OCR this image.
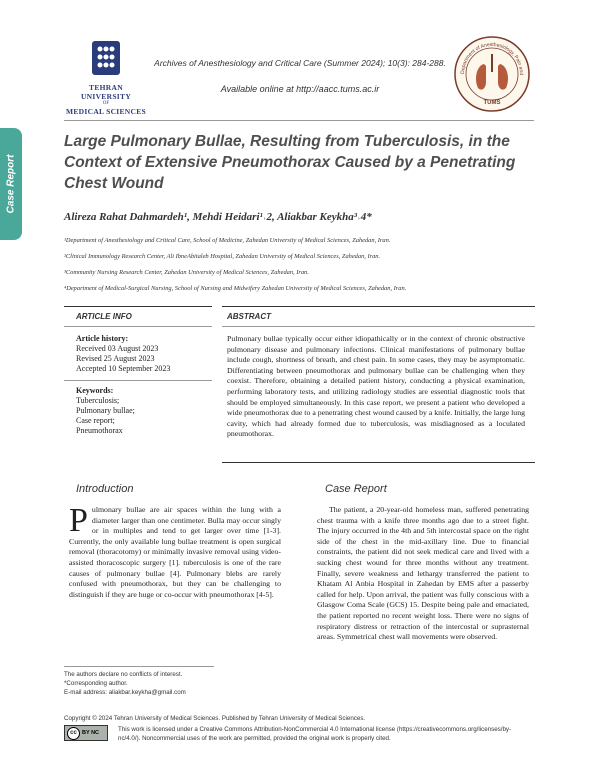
Case Report
TEHRAN UNIVERSITY
OF
MEDICAL SCIENCES
Archives of Anesthesiology and Critical Care (Summer 2024); 10(3): 284-288.
Available online at http://aacc.tums.ac.ir
Department of Anesthesiology, Pain and
TUMS
Large Pulmonary Bullae, Resulting from Tuberculosis, in the Context of Extensive Pneumothorax Caused by a Penetrating Chest Wound
Alireza Rahat Dahmardeh¹, Mehdi Heidari¹˒2, Aliakbar Keykha³˒4*
¹Department of Anesthesiology and Critical Care, School of Medicine, Zahedan University of Medical Sciences, Zahedan, Iran.
²Clinical Immunology Research Center, Ali IbneAbitaleb Hospital, Zahedan University of Medical Sciences, Zahedan, Iran.
³Community Nursing Research Center, Zahedan University of Medical Sciences, Zahedan, Iran.
⁴Department of Medical-Surgical Nursing, School of Nursing and Midwifery Zahedan University of Medical Sciences, Zahedan, Iran.
ARTICLE INFO	ABSTRACT
Article history:
Received 03 August 2023
Revised 25 August 2023
Accepted 10 September 2023
Keywords:
Tuberculosis;
Pulmonary bullae;
Case report;
Pneumothorax
Pulmonary bullae typically occur either idiopathically or in the context of chronic obstructive pulmonary disease and pulmonary infections. Clinical manifestations of pulmonary bullae include cough, shortness of breath, and chest pain. In some cases, they may be asymptomatic. Differentiating between pneumothorax and pulmonary bullae can be challenging when they coexist. Therefore, obtaining a detailed patient history, conducting a physical examination, performing laboratory tests, and utilizing radiology studies are essential diagnostic tools that should be employed simultaneously. In this case report, we present a patient who developed a wide pneumothorax due to a penetrating chest wound caused by a knife. Initially, the large lung cavity, which had already formed due to tuberculosis, was misdiagnosed as a loculated pneumothorax.
Introduction
Pulmonary bullae are air spaces within the lung with a diameter larger than one centimeter. Bulla may occur singly or in multiples and tend to get larger over time [1-3]. Currently, the only available lung bullae treatment is open surgical removal (thoracotomy) or minimally invasive removal using video-assisted thoracoscopic surgery [1]. tuberculosis is one of the rare causes of pulmonary bullae [4]. Pulmonary blebs are rarely confused with pneumothorax, but they can be challenging to distinguish if they are huge or co-occur with pneumothorax [4-5].
Case Report
The patient, a 20-year-old homeless man, suffered penetrating chest trauma with a knife three months ago due to a street fight. The injury occurred in the 4th and 5th intercostal space on the right side of the chest in the mid-axillary line. Due to financial constraints, the patient did not seek medical care and lived with a sucking chest wound for three months without any treatment. Finally, severe weakness and lethargy transferred the patient to Khatam Al Anbia Hospital in Zahedan by EMS after a passerby called for help. Upon arrival, the patient was fully conscious with a Glasgow Coma Scale (GCS) 15. Despite being pale and emaciated, the patient reported no recent weight loss. There were no signs of respiratory distress or retraction of the intercostal or suprasternal areas. Symmetrical chest wall movements were observed.
The authors declare no conflicts of interest.
*Corresponding author.
E-mail address: aliakbar.keykha@gmail.com
Copyright © 2024 Tehran University of Medical Sciences. Published by Tehran University of Medical Sciences.
cc BY NC	This work is licensed under a Creative Commons Attribution-NonCommercial 4.0 International license (https://creativecommons.org/licenses/by-
nc/4.0/). Noncommercial uses of the work are permitted, provided the original work is properly cited.
